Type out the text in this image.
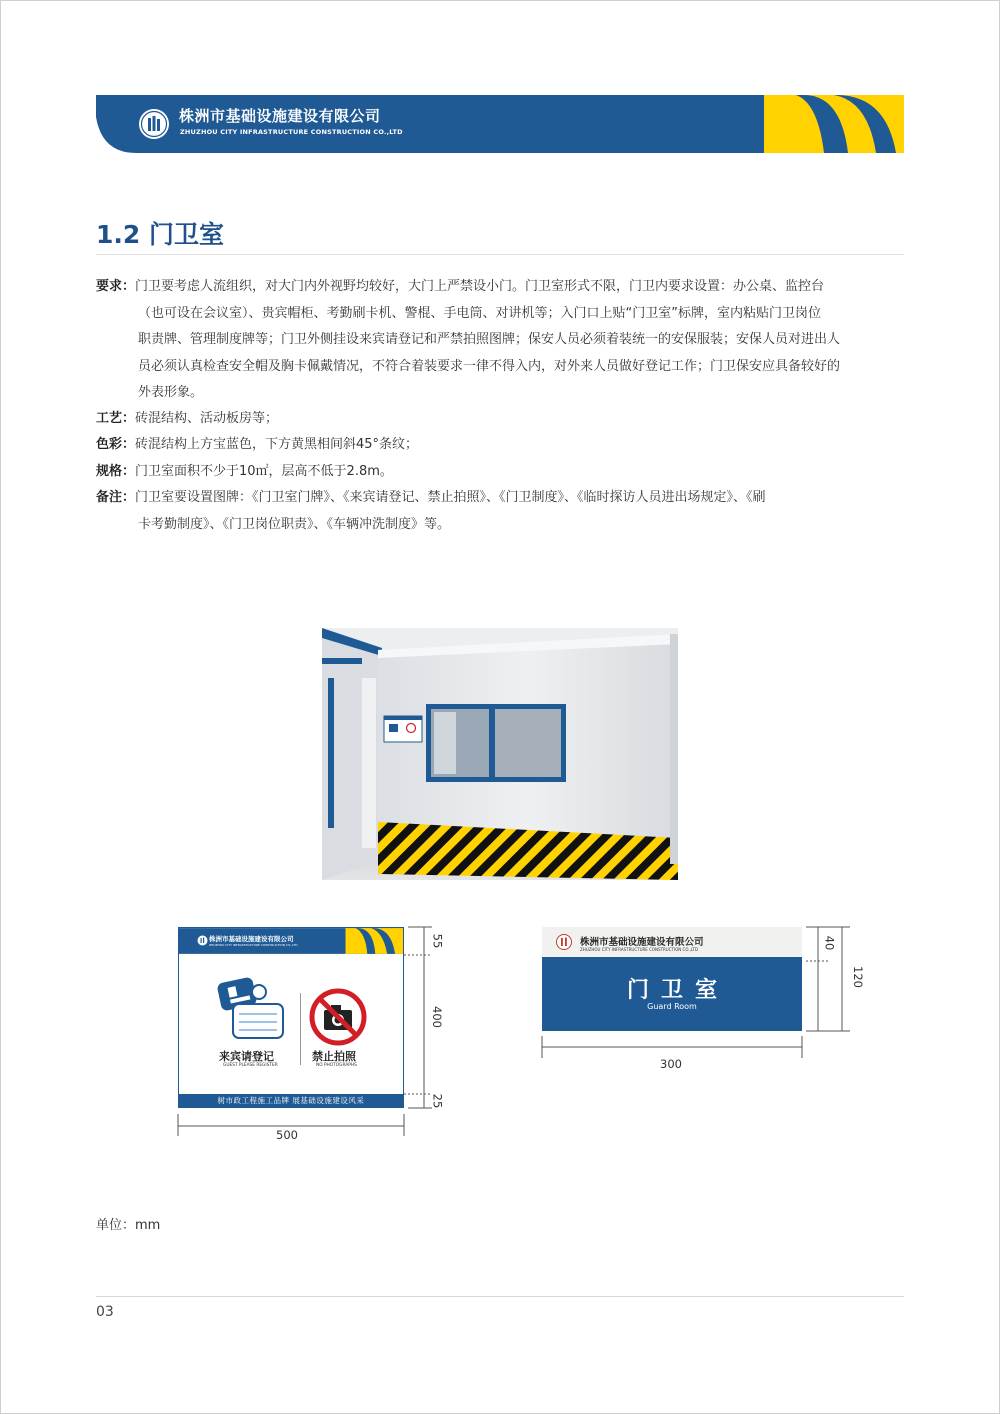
株洲市基础设施建设有限公司
ZHUZHOU CITY INFRASTRUCTURE CONSTRUCTION CO.,LTD
1.2 门卫室
要求：门卫要考虑人流组织，对大门内外视野均较好，大门上严禁设小门。门卫室形式不限，门卫内要求设置：办公桌、监控台
（也可设在会议室）、贵宾帽柜、考勤刷卡机、警棍、手电筒、对讲机等；入门口上贴“门卫室”标牌，室内粘贴门卫岗位
职责牌、管理制度牌等；门卫外侧挂设来宾请登记和严禁拍照图牌；保安人员必须着装统一的安保服装；安保人员对进出人
员必须认真检查安全帽及胸卡佩戴情况，不符合着装要求一律不得入内，对外来人员做好登记工作；门卫保安应具备较好的
外表形象。
工艺：砖混结构、活动板房等；
色彩：砖混结构上方宝蓝色，下方黄黑相间斜45°条纹；
规格：门卫室面积不少于10㎡，层高不低于2.8m。
备注：门卫室要设置图牌：《门卫室门牌》、《来宾请登记、禁止拍照》、《门卫制度》、《临时探访人员进出场规定》、《刷
卡考勤制度》、《门卫岗位职责》、《车辆冲洗制度》等。
株洲市基础设施建设有限公司
ZHUZHOU CITY INFRASTRUCTURE CONSTRUCTION CO.,LTD
来宾请登记
GUEST PLEASE REGISTER
禁止拍照
NO PHOTOGRAPHS
树市政工程施工品牌 展基础设施建设风采
株洲市基础设施建设有限公司
ZHUZHOU CITY INFRASTRUCTURE CONSTRUCTION CO.,LTD
门卫室
Guard Room
500
55
400
25
300
40
120
单位：mm
03
